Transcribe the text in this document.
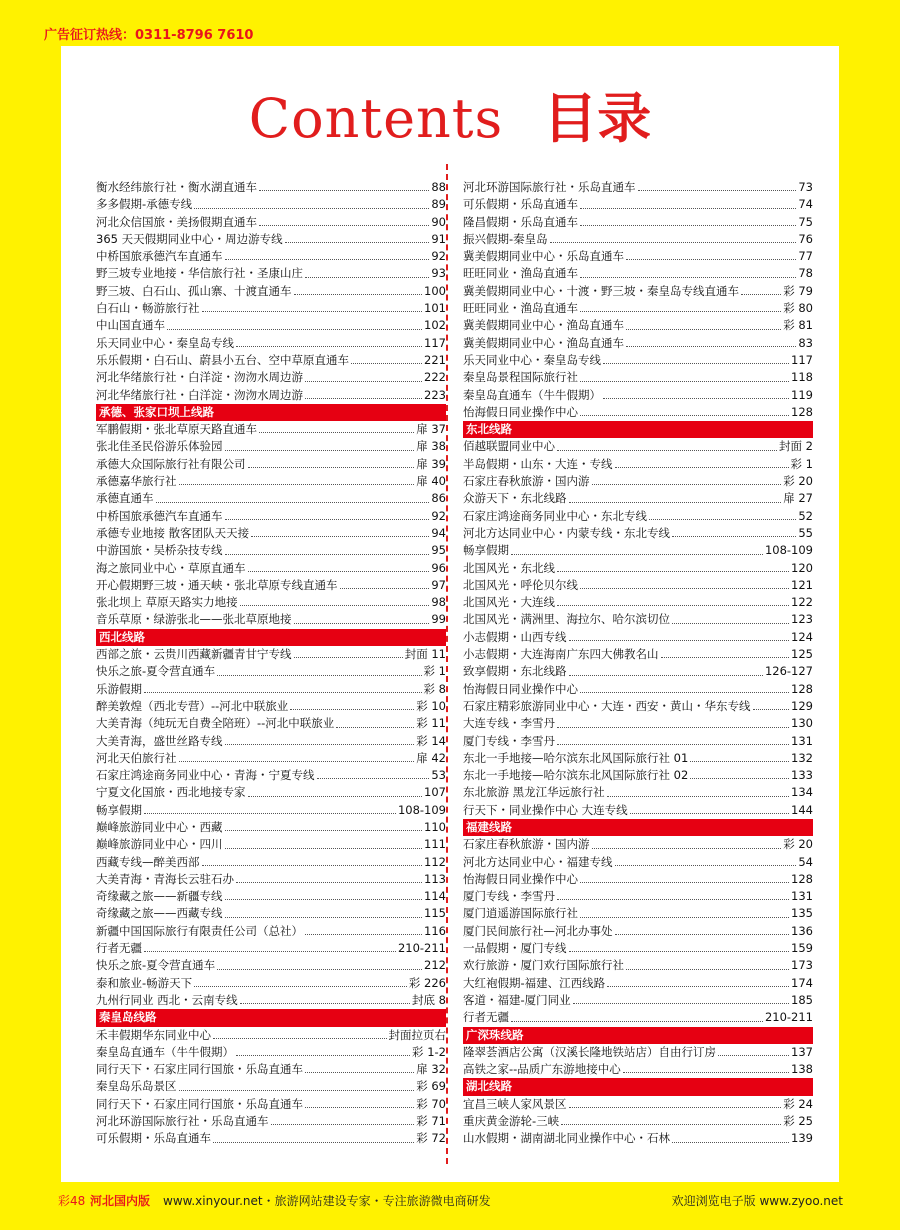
广告征订热线：0311-8796 7610
Contents 目录
衡水经纬旅行社・衡水湖直通车	88
多多假期-承德专线	89
河北众信国旅・美扬假期直通车	90
365 天天假期同业中心・周边游专线	91
中桥国旅承德汽车直通车	92
野三坡专业地接・华信旅行社・圣康山庄	93
野三坡、白石山、孤山寨、十渡直通车	100
白石山・畅游旅行社	101
中山国直通车	102
乐天同业中心・秦皇岛专线	117
乐乐假期・白石山、蔚县小五台、空中草原直通车	221
河北华绪旅行社・白洋淀・沕沕水周边游	222
河北华绪旅行社・白洋淀・沕沕水周边游	223
承德、张家口坝上线路
军鹏假期・张北草原天路直通车	扉 37
张北佳圣民俗游乐体验园	扉 38
承德大众国际旅行社有限公司	扉 39
承德嘉华旅行社	扉 40
承德直通车	86
中桥国旅承德汽车直通车	92
承德专业地接 散客团队天天接	94
中游国旅・吴桥杂技专线	95
海之旅同业中心・草原直通车	96
开心假期野三坡・通天峡・张北草原专线直通车	97
张北坝上 草原天路实力地接	98
音乐草原・绿游张北——张北草原地接	99
西北线路
西部之旅・云贵川西藏新疆青甘宁专线	封面 11
快乐之旅-夏令营直通车	彩 1
乐游假期	彩 8
醉美敦煌（西北专营）--河北中联旅业	彩 10
大美青海（纯玩无自费全陪班）--河北中联旅业	彩 11
大美青海，盛世丝路专线	彩 14
河北天伯旅行社	扉 42
石家庄鸿途商务同业中心・青海・宁夏专线	53
宁夏文化国旅・西北地接专家	107
畅享假期	108-109
巅峰旅游同业中心・西藏	110
巅峰旅游同业中心・四川	111
西藏专线—醉美西部	112
大美青海・青海长云驻石办	113
奇缘藏之旅——新疆专线	114
奇缘藏之旅——西藏专线	115
新疆中国国际旅行有限责任公司（总社）	116
行者无疆	210-211
快乐之旅-夏令营直通车	212
泰和旅业-畅游天下	彩 226
九州行同业 西北・云南专线	封底 8
秦皇岛线路
禾丰假期华东同业中心	封面拉页右
秦皇岛直通车（牛牛假期）	彩 1-2
同行天下・石家庄同行国旅・乐岛直通车	扉 32
秦皇岛乐岛景区	彩 69
同行天下・石家庄同行国旅・乐岛直通车	彩 70
河北环游国际旅行社・乐岛直通车	彩 71
可乐假期・乐岛直通车	彩 72
河北环游国际旅行社・乐岛直通车	73
可乐假期・乐岛直通车	74
隆昌假期・乐岛直通车	75
振兴假期-秦皇岛	76
冀美假期同业中心・乐岛直通车	77
旺旺同业・渔岛直通车	78
冀美假期同业中心・十渡・野三坡・秦皇岛专线直通车	彩 79
旺旺同业・渔岛直通车	彩 80
冀美假期同业中心・渔岛直通车	彩 81
冀美假期同业中心・渔岛直通车	83
乐天同业中心・秦皇岛专线	117
秦皇岛景程国际旅行社	118
秦皇岛直通车（牛牛假期）	119
怡海假日同业操作中心	128
东北线路
佰越联盟同业中心	封面 2
半岛假期・山东・大连・专线	彩 1
石家庄春秋旅游・国内游	彩 20
众游天下・东北线路	扉 27
石家庄鸿途商务同业中心・东北专线	52
河北方达同业中心・内蒙专线・东北专线	55
畅享假期	108-109
北国风光・东北线	120
北国风光・呼伦贝尔线	121
北国风光・大连线	122
北国风光・满洲里、海拉尔、哈尔滨切位	123
小志假期・山西专线	124
小志假期・大连海南广东四大佛教名山	125
致享假期・东北线路	126-127
怡海假日同业操作中心	128
石家庄精彩旅游同业中心・大连・西安・黄山・华东专线	129
大连专线・李雪丹	130
厦门专线・李雪丹	131
东北一手地接—哈尔滨东北风国际旅行社 01	132
东北一手地接—哈尔滨东北风国际旅行社 02	133
东北旅游 黑龙江华远旅行社	134
行天下・同业操作中心 大连专线	144
福建线路
石家庄春秋旅游・国内游	彩 20
河北方达同业中心・福建专线	54
怡海假日同业操作中心	128
厦门专线・李雪丹	131
厦门逍遥游国际旅行社	135
厦门民间旅行社—河北办事处	136
一品假期・厦门专线	159
欢行旅游・厦门欢行国际旅行社	173
大红袍假期-福建、江西线路	174
客道・福建-厦门同业	185
行者无疆	210-211
广深珠线路
隆翠荟酒店公寓（汉溪长隆地铁站店）自由行订房	137
高铁之家--品质广东游地接中心	138
湖北线路
宜昌三峡人家风景区	彩 24
重庆黄金游轮-三峡	彩 25
山水假期・湖南湖北同业操作中心・石林	139
彩48 河北国内版 www.xinyour.net・旅游网站建设专家・专注旅游微电商研发	欢迎浏览电子版 www.zyoo.net
